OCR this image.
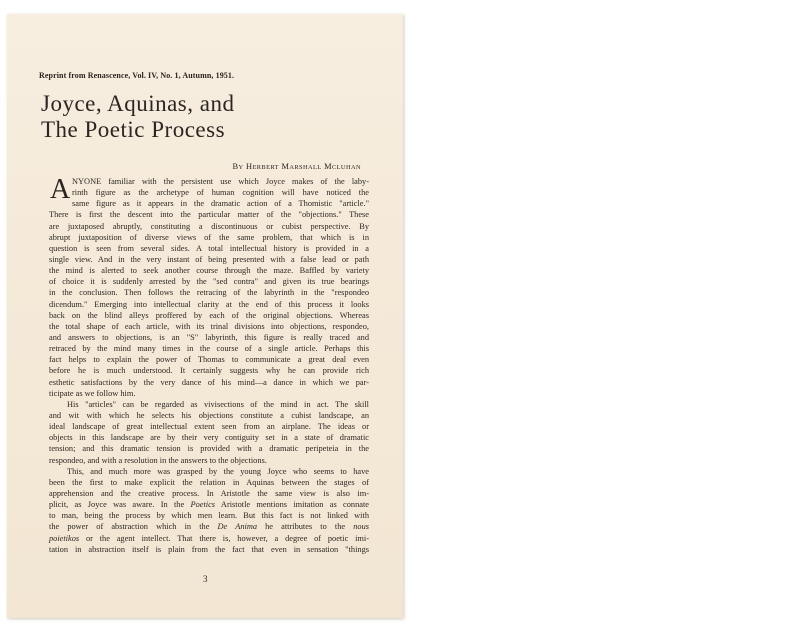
Reprint from Renascence, Vol. IV, No. 1, Autumn, 1951.
Joyce, Aquinas, and
The Poetic Process
BY HERBERT MARSHALL MCLUHAN
A NYONE familiar with the persistent use which Joyce makes of the laby-
rinth figure as the archetype of human cognition will have noticed the
same figure as it appears in the dramatic action of a Thomistic "article."
There is first the descent into the particular matter of the "objections." These
are juxtaposed abruptly, constituting a discontinuous or cubist perspective. By
abrupt juxtaposition of diverse views of the same problem, that which is in
question is seen from several sides. A total intellectual history is provided in a
single view. And in the very instant of being presented with a false lead or path
the mind is alerted to seek another course through the maze. Baffled by variety
of choice it is suddenly arrested by the "sed contra" and given its true bearings
in the conclusion. Then follows the retracing of the labyrinth in the "respondeo
dicendum." Emerging into intellectual clarity at the end of this process it looks
back on the blind alleys proffered by each of the original objections. Whereas
the total shape of each article, with its trinal divisions into objections, respondeo,
and answers to objections, is an "S" labyrinth, this figure is really traced and
retraced by the mind many times in the course of a single article. Perhaps this
fact helps to explain the power of Thomas to communicate a great deal even
before he is much understood. It certainly suggests why he can provide rich
esthetic satisfactions by the very dance of his mind—a dance in which we par-
ticipate as we follow him.
His "articles" can be regarded as vivisections of the mind in act. The skill
and wit with which he selects his objections constitute a cubist landscape, an
ideal landscape of great intellectual extent seen from an airplane. The ideas or
objects in this landscape are by their very contiguity set in a state of dramatic
tension; and this dramatic tension is provided with a dramatic peripeteia in the
respondeo, and with a resolution in the answers to the objections.
This, and much more was grasped by the young Joyce who seems to have
been the first to make explicit the relation in Aquinas between the stages of
apprehension and the creative process. In Aristotle the same view is also im-
plicit, as Joyce was aware. In the Poetics Aristotle mentions imitation as connate
to man, being the process by which men learn. But this fact is not linked with
the power of abstraction which in the De Anima he attributes to the nous
poietikos or the agent intellect. That there is, however, a degree of poetic imi-
tation in abstraction itself is plain from the fact that even in sensation "things
3
